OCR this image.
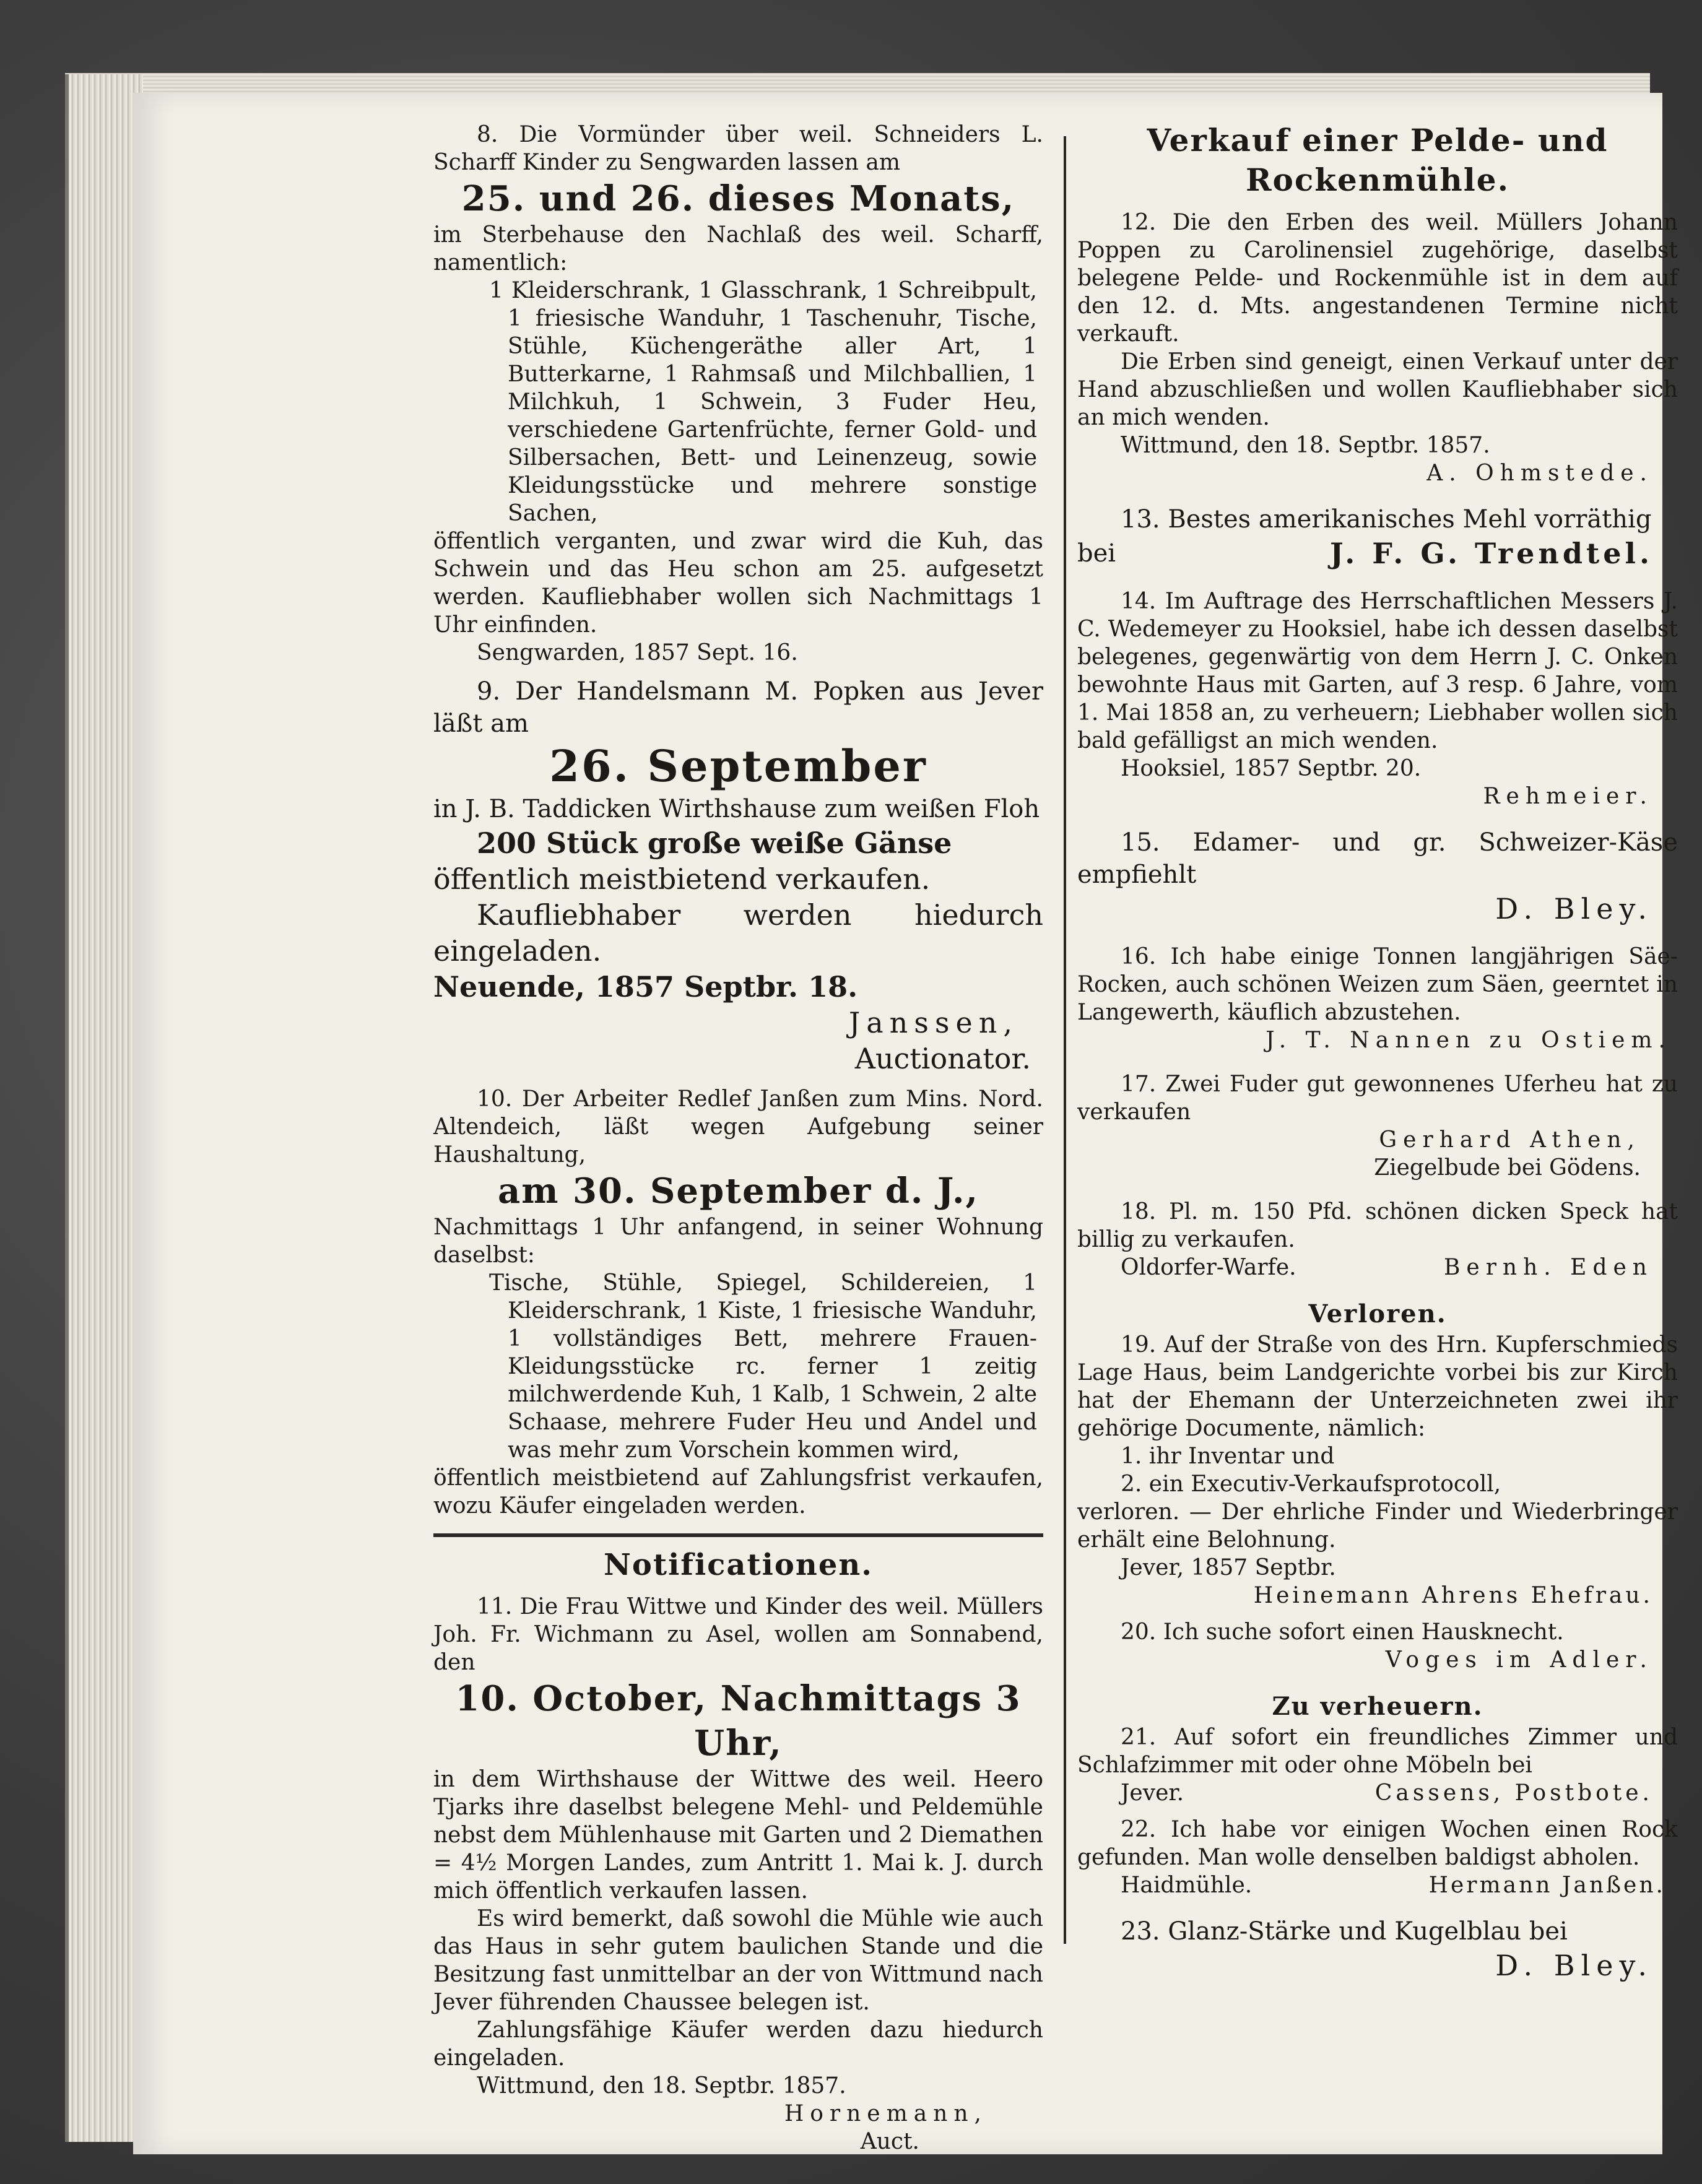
8. Die Vormünder über weil. Schneiders L. Scharff Kinder zu Sengwarden lassen am

25. und 26. dieses Monats,

im Sterbehause den Nachlaß des weil. Scharff, namentlich:

1 Kleiderschrank, 1 Glasschrank, 1 Schreibpult, 1 friesische Wanduhr, 1 Taschenuhr, Tische, Stühle, Küchengeräthe aller Art, 1 Butterkarne, 1 Rahmsaß und Milchballien, 1 Milchkuh, 1 Schwein, 3 Fuder Heu, verschiedene Gartenfrüchte, ferner Gold- und Silbersachen, Bett- und Leinenzeug, sowie Kleidungsstücke und mehrere sonstige Sachen,

öffentlich verganten, und zwar wird die Kuh, das Schwein und das Heu schon am 25. aufgesetzt werden. Kaufliebhaber wollen sich Nachmittags 1 Uhr einfinden.

Sengwarden, 1857 Sept. 16.

9. Der Handelsmann M. Popken aus Jever läßt am

26. September

in J. B. Taddicken Wirthshause zum weißen Floh

200 Stück große weiße Gänse

öffentlich meistbietend verkaufen.

Kaufliebhaber werden hiedurch eingeladen.

Neuende, 1857 Septbr. 18.

Janssen,

Auctionator.

10. Der Arbeiter Redlef Janßen zum Mins. Nord. Altendeich, läßt wegen Aufgebung seiner Haushaltung,

am 30. September d. J.,

Nachmittags 1 Uhr anfangend, in seiner Wohnung daselbst:

Tische, Stühle, Spiegel, Schildereien, 1 Kleiderschrank, 1 Kiste, 1 friesische Wanduhr, 1 vollständiges Bett, mehrere Frauen-Kleidungsstücke rc. ferner 1 zeitig milchwerdende Kuh, 1 Kalb, 1 Schwein, 2 alte Schaase, mehrere Fuder Heu und Andel und was mehr zum Vorschein kommen wird,

öffentlich meistbietend auf Zahlungsfrist verkaufen, wozu Käufer eingeladen werden.

Notificationen.

11. Die Frau Wittwe und Kinder des weil. Müllers Joh. Fr. Wichmann zu Asel, wollen am Sonnabend, den

10. October, Nachmittags 3 Uhr,

in dem Wirthshause der Wittwe des weil. Heero Tjarks ihre daselbst belegene Mehl- und Peldemühle nebst dem Mühlenhause mit Garten und 2 Diemathen = 4½ Morgen Landes, zum Antritt 1. Mai k. J. durch mich öffentlich verkaufen lassen.

Es wird bemerkt, daß sowohl die Mühle wie auch das Haus in sehr gutem baulichen Stande und die Besitzung fast unmittelbar an der von Wittmund nach Jever führenden Chaussee belegen ist.

Zahlungsfähige Käufer werden dazu hiedurch eingeladen.

Wittmund, den 18. Septbr. 1857.

Hornemann,

Auct.

Verkauf einer Pelde- und Rockenmühle.

12. Die den Erben des weil. Müllers Johann Poppen zu Carolinensiel zugehörige, daselbst belegene Pelde- und Rockenmühle ist in dem auf den 12. d. Mts. angestandenen Termine nicht verkauft.

Die Erben sind geneigt, einen Verkauf unter der Hand abzuschließen und wollen Kaufliebhaber sich an mich wenden.

Wittmund, den 18. Septbr. 1857.

A. Ohmstede.

13. Bestes amerikanisches Mehl vorräthig

bei	J. F. G. Trendtel.

14. Im Auftrage des Herrschaftlichen Messers J. C. Wedemeyer zu Hooksiel, habe ich dessen daselbst belegenes, gegenwärtig von dem Herrn J. C. Onken bewohnte Haus mit Garten, auf 3 resp. 6 Jahre, vom 1. Mai 1858 an, zu verheuern; Liebhaber wollen sich bald gefälligst an mich wenden.

Hooksiel, 1857 Septbr. 20.

Rehmeier.

15. Edamer- und gr. Schweizer-Käse empfiehlt

D. Bley.

16. Ich habe einige Tonnen langjährigen Säe-Rocken, auch schönen Weizen zum Säen, geerntet in Langewerth, käuflich abzustehen.

J. T. Nannen zu Ostiem.

17. Zwei Fuder gut gewonnenes Uferheu hat zu verkaufen

Gerhard Athen,

Ziegelbude bei Gödens.

18. Pl. m. 150 Pfd. schönen dicken Speck hat billig zu verkaufen.

Oldorfer-Warfe.	Bernh. Eden

Verloren.

19. Auf der Straße von des Hrn. Kupferschmieds Lage Haus, beim Landgerichte vorbei bis zur Kirch hat der Ehemann der Unterzeichneten zwei ihr gehörige Documente, nämlich:

1. ihr Inventar und

2. ein Executiv-Verkaufsprotocoll,

verloren. — Der ehrliche Finder und Wiederbringer erhält eine Belohnung.

Jever, 1857 Septbr.

Heinemann Ahrens Ehefrau.

20. Ich suche sofort einen Hausknecht.

Voges im Adler.

Zu verheuern.

21. Auf sofort ein freundliches Zimmer und Schlafzimmer mit oder ohne Möbeln bei

Jever.	Cassens, Postbote.

22. Ich habe vor einigen Wochen einen Rock gefunden. Man wolle denselben baldigst abholen.

Haidmühle.	Hermann Janßen.

23. Glanz-Stärke und Kugelblau bei

D. Bley.
